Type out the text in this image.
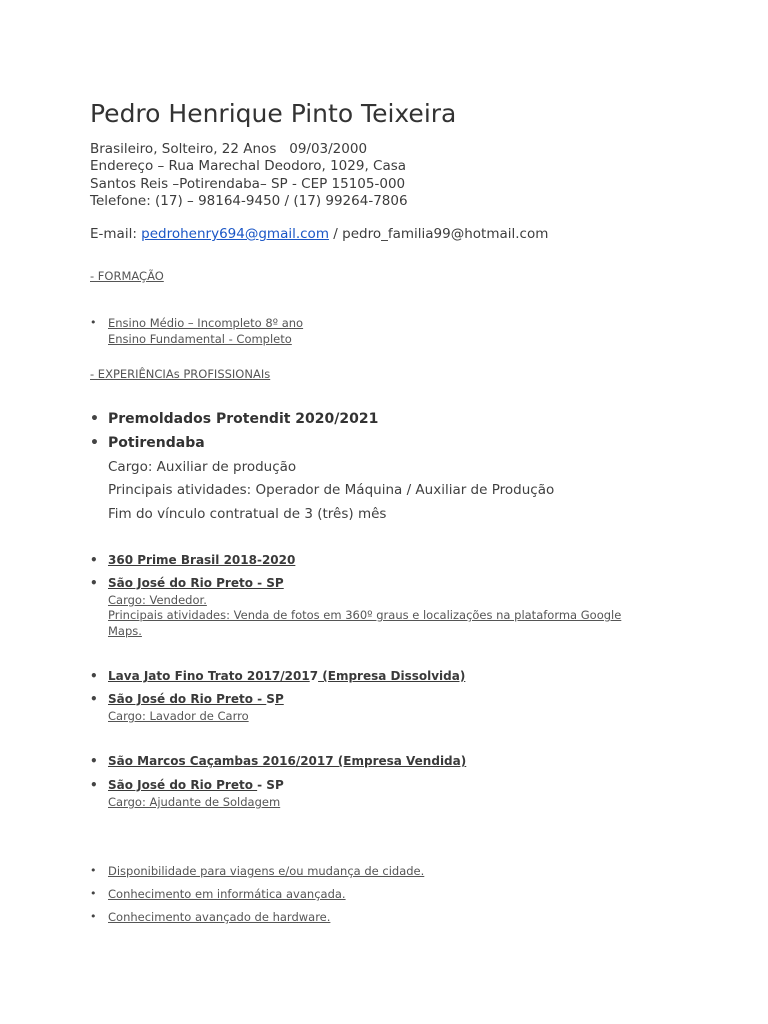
Pedro Henrique Pinto Teixeira
Brasileiro, Solteiro, 22 Anos   09/03/2000
Endereço – Rua Marechal Deodoro, 1029, Casa
Santos Reis –Potirendaba– SP - CEP 15105-000
Telefone: (17) – 98164-9450 / (17) 99264-7806
E-mail: pedrohenry694@gmail.com / pedro_familia99@hotmail.com
- FORMAÇÃO
•	Ensino Médio – Incompleto 8º ano
Ensino Fundamental - Completo
- EXPERIÊNCIAs PROFISSIONAIs
• Premoldados Protendit 2020/2021
• Potirendaba
Cargo: Auxiliar de produção
Principais atividades: Operador de Máquina / Auxiliar de Produção
Fim do vínculo contratual de 3 (três) mês
• 360 Prime Brasil 2018-2020
• São José do Rio Preto - SP
Cargo: Vendedor.
Principais atividades: Venda de fotos em 360º graus e localizações na plataforma Google
Maps.
• Lava Jato Fino Trato 2017/2017 (Empresa Dissolvida)
• São José do Rio Preto - SP
Cargo: Lavador de Carro
• São Marcos Caçambas 2016/2017 (Empresa Vendida)
• São José do Rio Preto - SP
Cargo: Ajudante de Soldagem
•	Disponibilidade para viagens e/ou mudança de cidade.
•	Conhecimento em informática avançada.
•	Conhecimento avançado de hardware.
